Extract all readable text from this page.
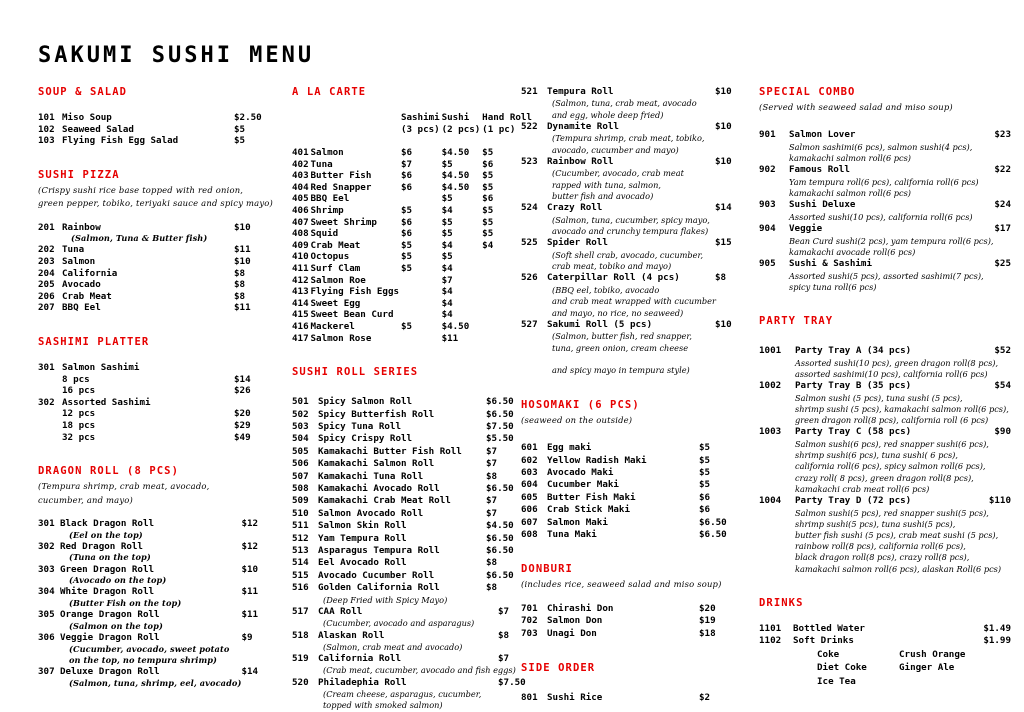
SAKUMI SUSHI MENU
SOUP & SALAD
101	Miso Soup	$2.50
102	Seaweed Salad	$5
103	Flying Fish Egg Salad	$5
SUSHI PIZZA
(Crispy sushi rice base topped with red onion,
green pepper, tobiko, teriyaki sauce and spicy mayo)
201	Rainbow	$10
	(Salmon, Tuna & Butter fish)	
202	Tuna	$11
203	Salmon	$10
204	California	$8
205	Avocado	$8
206	Crab Meat	$8
207	BBQ Eel	$11
SASHIMI PLATTER
301	Salmon Sashimi	
	8 pcs	$14
	16 pcs	$26
302	Assorted Sashimi	
	12 pcs	$20
	18 pcs	$29
	32 pcs	$49
DRAGON ROLL (8 PCS)
(Tempura shrimp, crab meat, avocado,
cucumber, and mayo)
301	Black Dragon Roll	$12
	(Eel on the top)	
302	Red Dragon Roll	$12
	(Tuna on the top)	
303	Green Dragon Roll	$10
	(Avocado on the top)	
304	White Dragon Roll	$11
	(Butter Fish on the top)	
305	Orange Dragon Roll	$11
	(Salmon on the top)	
306	Veggie Dragon Roll	$9
	(Cucumber, avocado, sweet potato	
	on the top, no tempura shrimp)	
307	Deluxe Dragon Roll	$14
	(Salmon, tuna, shrimp, eel, avocado)	
A LA CARTE
		Sashimi	Sushi	Hand Roll
		(3 pcs)	(2 pcs)	(1 pc)

401	Salmon	$6	$4.50	$5
402	Tuna	$7	$5	$6
403	Butter Fish	$6	$4.50	$5
404	Red Snapper	$6	$4.50	$5
405	BBQ Eel		$5	$6
406	Shrimp	$5	$4	$5
407	Sweet Shrimp	$6	$5	$5
408	Squid	$6	$5	$5
409	Crab Meat	$5	$4	$4
410	Octopus	$5	$5	
411	Surf Clam	$5	$4	
412	Salmon Roe		$7	
413	Flying Fish Eggs		$4	
414	Sweet Egg		$4	
415	Sweet Bean Curd		$4	
416	Mackerel	$5	$4.50	
417	Salmon Rose		$11	
SUSHI ROLL SERIES
501	Spicy Salmon Roll	$6.50
502	Spicy Butterfish Roll	$6.50
503	Spicy Tuna Roll	$7.50
504	Spicy Crispy Roll	$5.50
505	Kamakachi Butter Fish Roll	$7
506	Kamakachi Salmon Roll	$7
507	Kamakachi Tuna Roll	$8
508	Kamakachi Avocado Roll	$6.50
509	Kamakachi Crab Meat Roll	$7
510	Salmon Avocado Roll	$7
511	Salmon Skin Roll	$4.50
512	Yam Tempura Roll	$6.50
513	Asparagus Tempura Roll	$6.50
514	Eel Avocado Roll	$8
515	Avocado Cucumber Roll	$6.50
516	Golden California Roll	$8
(Deep Fried with Spicy Mayo)
517	CAA Roll	$7
(Cucumber, avocado and asparagus)
518	Alaskan Roll	$8
(Salmon, crab meat and avocado)
519	California Roll	$7
(Crab meat, cucumber, avocado and fish eggs)
520	Philadephia Roll	$7.50
(Cream cheese, asparagus, cucumber,
topped with smoked salmon)
521	Tempura Roll	$10
(Salmon, tuna, crab meat, avocado
and egg, whole deep fried)
522	Dynamite Roll	$10
(Tempura shrimp, crab meat, tobiko,
avocado, cucumber and mayo)
523	Rainbow Roll	$10
(Cucumber, avocado, crab meat
rapped with tuna, salmon,
butter fish and avocado)
524	Crazy Roll	$14
(Salmon, tuna, cucumber, spicy mayo,
avocado and crunchy tempura flakes)
525	Spider Roll	$15
(Soft shell crab, avocado, cucumber,
crab meat, tobiko and mayo)
526	Caterpillar Roll (4 pcs)	$8
(BBQ eel, tobiko, avocado
and crab meat wrapped with cucumber
and mayo, no rice, no seaweed)
527	Sakumi Roll (5 pcs)	$10
(Salmon, butter fish, red snapper,
tuna, green onion, cream cheese

and spicy mayo in tempura style)
HOSOMAKI (6 PCS)
(seaweed on the outside)
601	Egg maki	$5
602	Yellow Radish Maki	$5
603	Avocado Maki	$5
604	Cucumber Maki	$5
605	Butter Fish Maki	$6
606	Crab Stick Maki	$6
607	Salmon Maki	$6.50
608	Tuna Maki	$6.50
DONBURI
(includes rice, seaweed salad and miso soup)
701	Chirashi Don	$20
702	Salmon Don	$19
703	Unagi Don	$18
SIDE ORDER
801	Sushi Rice	$2
SPECIAL COMBO
(Served with seaweed salad and miso soup)
901	Salmon Lover	$23
Salmon sashimi(6 pcs), salmon sushi(4 pcs),
kamakachi salmon roll(6 pcs)
902	Famous Roll	$22
Yam tempura roll(6 pcs), california roll(6 pcs)
kamakachi salmon roll(6 pcs)
903	Sushi Deluxe	$24
Assorted sushi(10 pcs), california roll(6 pcs)
904	Veggie	$17
Bean Curd sushi(2 pcs), yam tempura roll(6 pcs),
kamakachi avocade roll(6 pcs)
905	Sushi & Sashimi	$25
Assorted sushi(5 pcs), assorted sashimi(7 pcs),
spicy tuna roll(6 pcs)
PARTY TRAY
1001	Party Tray A (34 pcs)	$52
Assorted sushi(10 pcs), green dragon roll(8 pcs),
assorted sashimi(10 pcs), california roll(6 pcs)
1002	Party Tray B (35 pcs)	$54
Salmon sushi (5 pcs), tuna sushi (5 pcs),
shrimp sushi (5 pcs), kamakachi salmon roll(6 pcs),
green dragon roll(8 pcs), california roll (6 pcs)
1003	Party Tray C (58 pcs)	$90
Salmon sushi(6 pcs), red snapper sushi(6 pcs),
shrimp sushi(6 pcs), tuna sushi( 6 pcs),
california roll(6 pcs), spicy salmon roll(6 pcs),
crazy roll( 8 pcs), green dragon roll(8 pcs),
kamakachi crab meat roll(6 pcs)
1004	Party Tray D (72 pcs)	$110
Salmon sushi(5 pcs), red snapper sushi(5 pcs),
shrimp sushi(5 pcs), tuna sushi(5 pcs),
butter fish sushi (5 pcs), crab meat sushi (5 pcs),
rainbow roll(8 pcs), california roll(6 pcs),
black dragon roll(8 pcs), crazy roll(8 pcs),
kamakachi salmon roll(6 pcs), alaskan Roll(6 pcs)
DRINKS
1101	Bottled Water	$1.49
1102	Soft Drinks	$1.99

Coke	Crush Orange

Diet Coke	Ginger Ale

Ice Tea	
